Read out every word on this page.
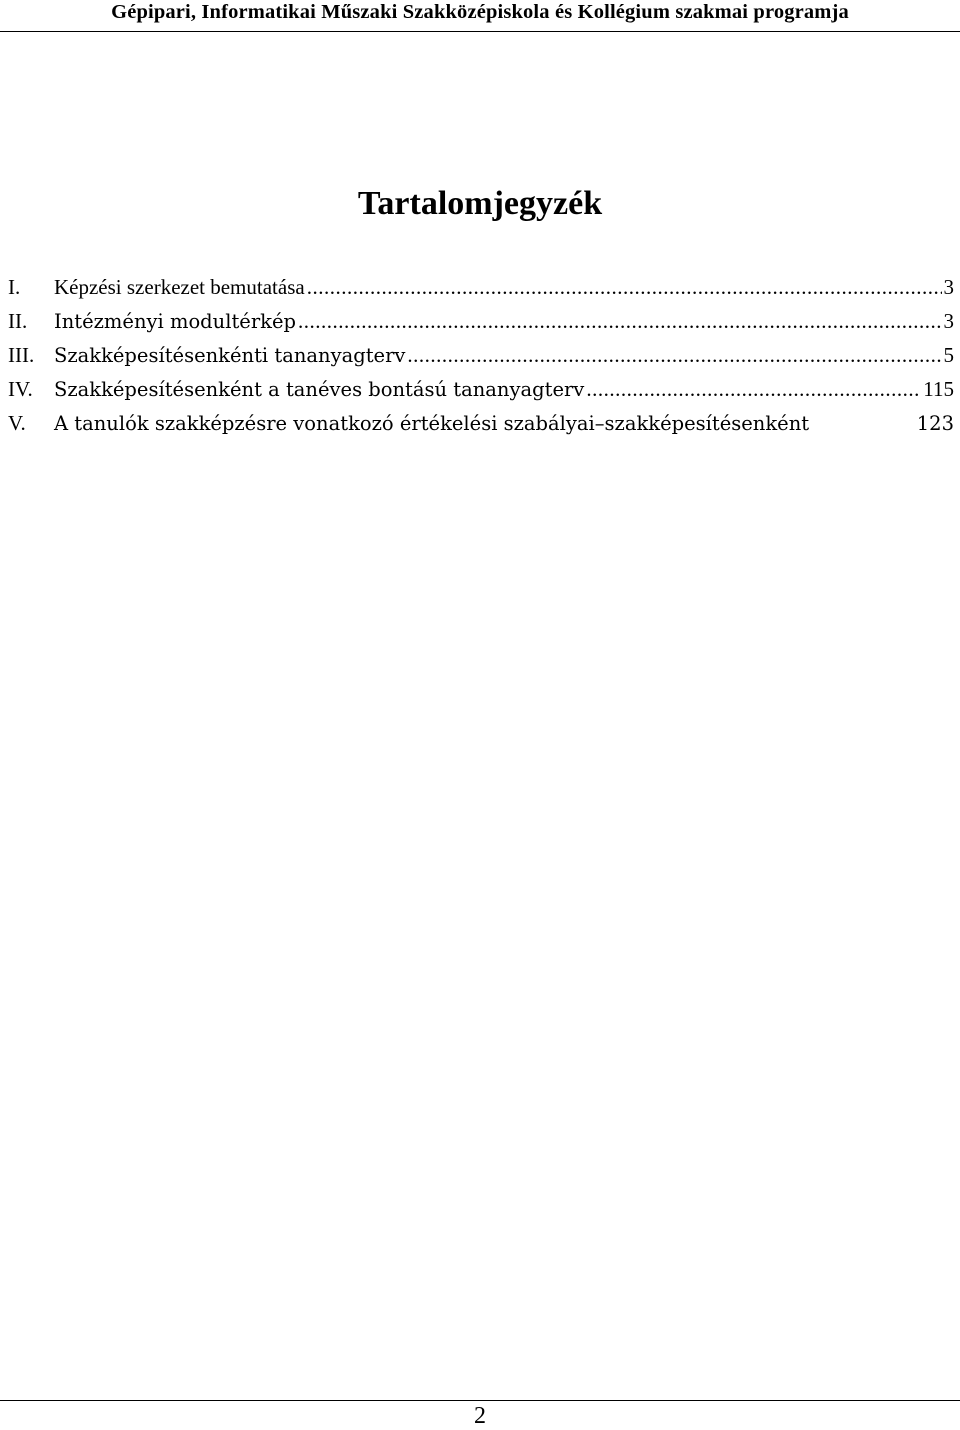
Gépipari, Informatikai Műszaki Szakközépiskola és Kollégium szakmai programja
Tartalomjegyzék
I.	Képzési szerkezet bemutatása .....	3
II.	Intézményi modultérkép .....	3
III.	Szakképesítésenkénti tananyagterv .....	5
IV.	Szakképesítésenként a tanéves bontású tananyagterv .....	115
V.	A tanulók szakképzésre vonatkozó értékelési szabályai–szakképesítésenként	123
2
